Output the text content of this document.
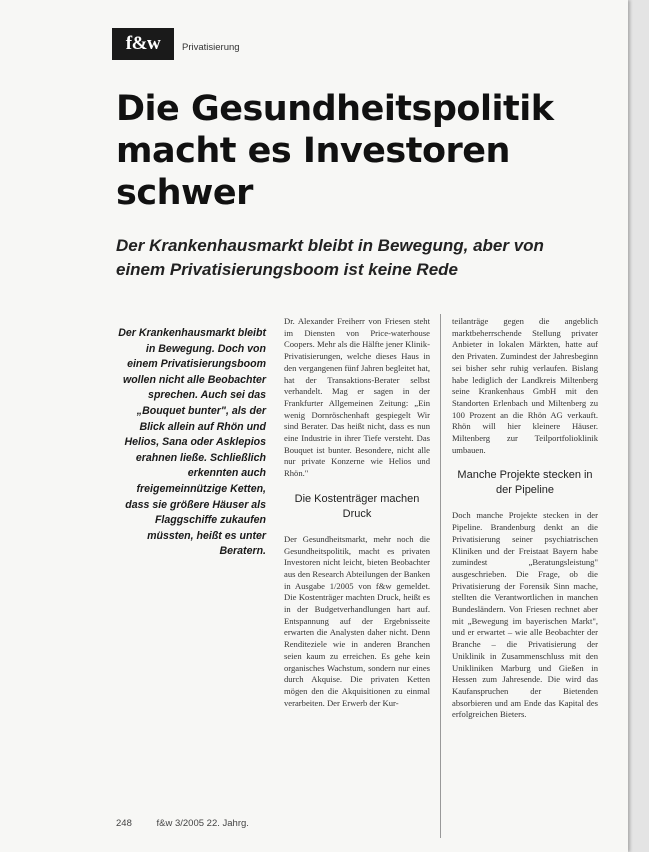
f&w	Privatisierung
Die Gesundheitspolitik macht es Investoren schwer
Der Krankenhausmarkt bleibt in Bewegung, aber von einem Privatisierungsboom ist keine Rede

Der Krankenhausmarkt bleibt in Bewegung. Doch von einem Privatisierungsboom wollen nicht alle Beobachter sprechen. Auch sei das „Bouquet bunter", als der Blick allein auf Rhön und Helios, Sana oder Asklepios erahnen ließe. Schließlich erkennten auch freigemeinnützige Ketten, dass sie größere Häuser als Flaggschiffe zukaufen müssten, heißt es unter Beratern.

Dr. Alexander Freiherr von Friesen steht im Diensten von Price-waterhouse Coopers. Mehr als die Hälfte jener Klinik-Privatisierungen, welche dieses Haus in den vergangenen fünf Jahren begleitet hat, hat der Transaktions-Berater selbst verhandelt. Mag er sagen in der Frankfurter Allgemeinen Zeitung: „Ein wenig Dornröschenhaft gespiegelt Wir sind Berater. Das heißt nicht, dass es nun eine Industrie in ihrer Tiefe versteht. Das Bouquet ist bunter. Besondere, nicht alle nur private Konzerne wie Helios und Rhön."

Die Kostenträger machen Druck

Der Gesundheitsmarkt, mehr noch die Gesundheitspolitik, macht es privaten Investoren nicht leicht, bieten Beobachter aus den Research Abteilungen der Banken in Ausgabe 1/2005 von f&w gemeldet. Die Kostenträger machten Druck, heißt es in der Budgetverhandlungen hart auf. Entspannung auf der Ergebnisseite erwarten die Analysten daher nicht. Denn Renditeziele wie in anderen Branchen seien kaum zu erreichen. Es gehe kein organisches Wachstum, sondern nur eines durch Akquise. Die privaten Ketten mögen den die Akquisitionen zu einmal verarbeiten. Der Erwerb der Kur-

teilanträge gegen die angeblich marktbeherrschende Stellung privater Anbieter in lokalen Märkten, hatte auf den Privaten. Zumindest der Jahresbeginn sei bisher sehr ruhig verlaufen. Bislang habe lediglich der Landkreis Miltenberg seine Krankenhaus GmbH mit den Standorten Erlenbach und Miltenberg zu 100 Prozent an die Rhön AG verkauft. Rhön will hier kleinere Häuser. Miltenberg zur Teilportfolioklinik umbauen.

Manche Projekte stecken in der Pipeline

Doch manche Projekte stecken in der Pipeline. Brandenburg denkt an die Privatisierung seiner psychiatrischen Kliniken und der Freistaat Bayern habe zumindest „Beratungsleistung" ausgeschrieben. Die Frage, ob die Privatisierung der Forensik Sinn mache, stellten die Verantwortlichen in manchen Bundesländern. Von Friesen rechnet aber mit „Bewegung im bayerischen Markt", und er erwartet – wie alle Beobachter der Branche – die Privatisierung der Uniklinik in Zusammenschluss mit den Unikliniken Marburg und Gießen in Hessen zum Jahresende. Die wird das Kaufanspruchen der Bietenden absorbieren und am Ende das Kapital des erfolgreichen Bieters.

248	f&w 3/2005 22. Jahrg.
